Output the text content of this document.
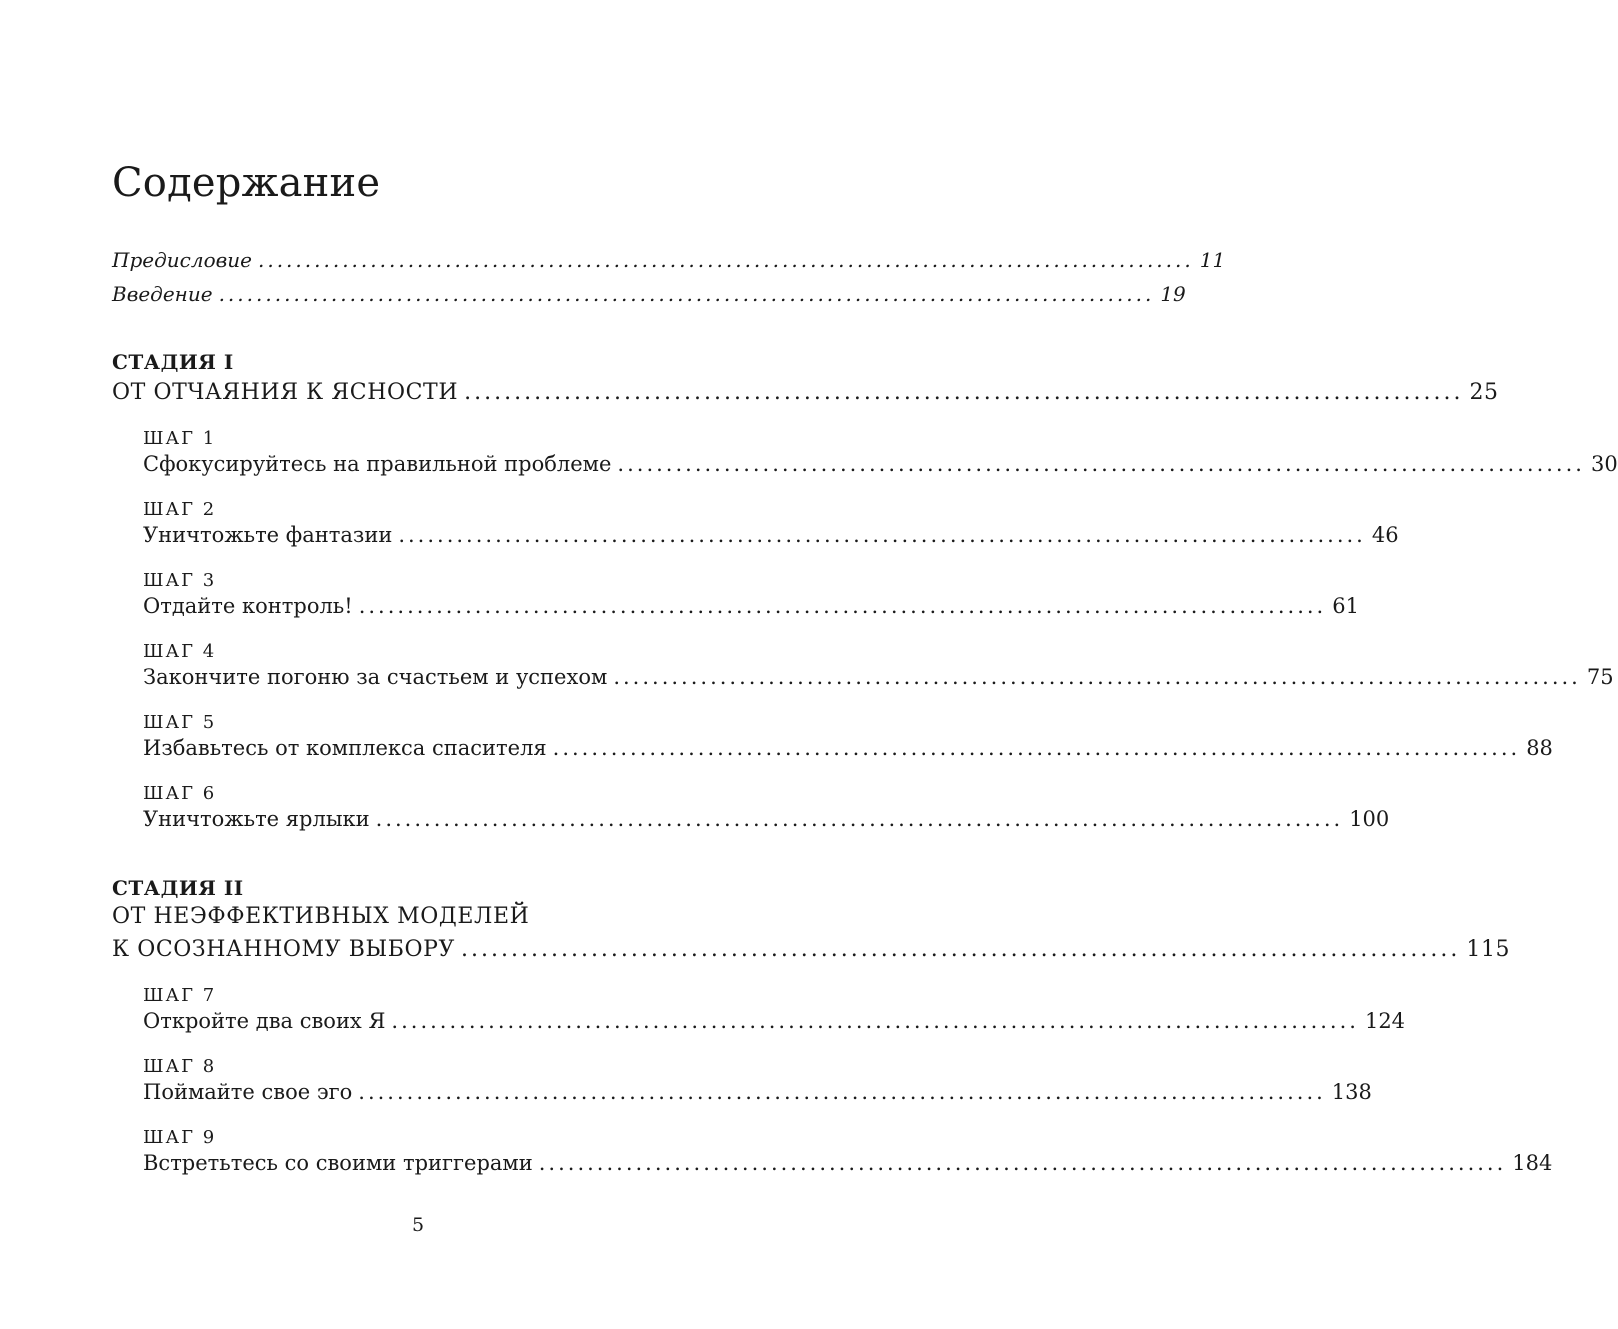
Содержание
Предисловие .................................................................................................... 11
Введение .................................................................................................... 19
СТАДИЯ I
ОТ ОТЧАЯНИЯ К ЯСНОСТИ .................................................................................................... 25
ШАГ 1
Сфокусируйтесь на правильной проблеме .................................................................................................... 30
ШАГ 2
Уничтожьте фантазии .................................................................................................... 46
ШАГ 3
Отдайте контроль! .................................................................................................... 61
ШАГ 4
Закончите погоню за счастьем и успехом .................................................................................................... 75
ШАГ 5
Избавьтесь от комплекса спасителя .................................................................................................... 88
ШАГ 6
Уничтожьте ярлыки .................................................................................................... 100
СТАДИЯ II
ОТ НЕЭФФЕКТИВНЫХ МОДЕЛЕЙ
К ОСОЗНАННОМУ ВЫБОРУ .................................................................................................... 115
ШАГ 7
Откройте два своих Я .................................................................................................... 124
ШАГ 8
Поймайте свое эго .................................................................................................... 138
ШАГ 9
Встретьтесь со своими триггерами .................................................................................................... 184
5
